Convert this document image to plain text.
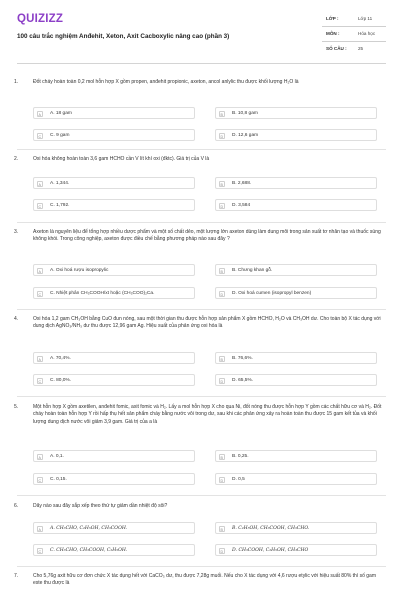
QUIZIZZ
100 câu trắc nghiệm Anđehit, Xeton, Axit Cacboxylic nâng cao (phần 3)
LỚP :	Lớp 11
MÔN :	Hóa học
SỐ CÂU : 25
1.	Đốt cháy hoàn toàn 0,2 mol hỗn hợp X gồm propen, anđehit propionic, axeton, ancol anlylic thu được khối lượng H₂O là
A	A. 18 gam	B	B. 10,8 gam
C	C. 9 gam	D	D. 12,6 gam
2.	Oxi hóa không hoàn toàn 3,6 gam HCHO cần V lít khí oxi (đktc). Giá trị của V là
A	A. 1,344.	B	B. 2,688.
C	C. 1,792.	D	D. 3,584
3.	Axeton là nguyên liệu để tổng hợp nhiều dược phẩm và một số chất dẻo, một lượng lớn axeton dùng làm dung môi trong sản xuất tơ nhân tạo và thuốc súng không khói. Trong công nghiệp, axeton được điều chế bằng phương pháp nào sau đây ?
A	A. Oxi hoá rượu isopropylic	B	B. Chưng khan gỗ.
C	C. Nhiệt phân CH₃COOH/xt hoặc (CH₃COO)₂Ca.	D	D. Oxi hoá cumen (isopropyl benzen)
4.	Oxi hóa 1,2 gam CH₃OH bằng CuO đun nóng, sau một thời gian thu được hỗn hợp sản phẩm X gồm HCHO, H₂O và CH₃OH dư. Cho toàn bộ X tác dụng với dung dịch AgNO₃/NH₃ dư thu được 12,96 gam Ag. Hiệu suất của phản ứng oxi hóa là
A	A. 70,4%.	B	B. 76,6%.
C	C. 80,0%.	D	D. 65,5%.
5.	Một hỗn hợp X gồm axetilen, anđehit fomic, axit fomic và H₂. Lấy a mol hỗn hợp X cho qua Ni, đốt nóng thu được hỗn hợp Y gồm các chất hữu cơ và H₂. Đốt cháy hoàn toàn hỗn hợp Y rồi hấp thụ hết sản phẩm cháy bằng nước vôi trong dư, sau khi các phản ứng xảy ra hoàn toàn thu được 15 gam kết tủa và khối lượng dung dịch nước vôi giảm 3,9 gam. Giá trị của a là
A	A. 0,1.	B	B. 0,25.
C	C. 0,15.	D	D. 0,5
6.	Dãy nào sau đây sắp xếp theo thứ tự giảm dần nhiệt độ sôi?
A	A. CH₃CHO, C₂H₅OH, CH₃COOH.	B	B. C₂H₅OH, CH₃COOH, CH₃CHO.
C	C. CH₃CHO, CH₃COOH, C₂H₅OH.	D	D. CH₃COOH, C₂H₅OH, CH₃CHO
7.	Cho 5,76g axit hữu cơ đơn chức X tác dụng hết với CaCO₃ dư, thu được 7,28g muối. Nếu cho X tác dụng với 4,6 rượu etylic với hiệu suất 80% thì số gam este thu được là
